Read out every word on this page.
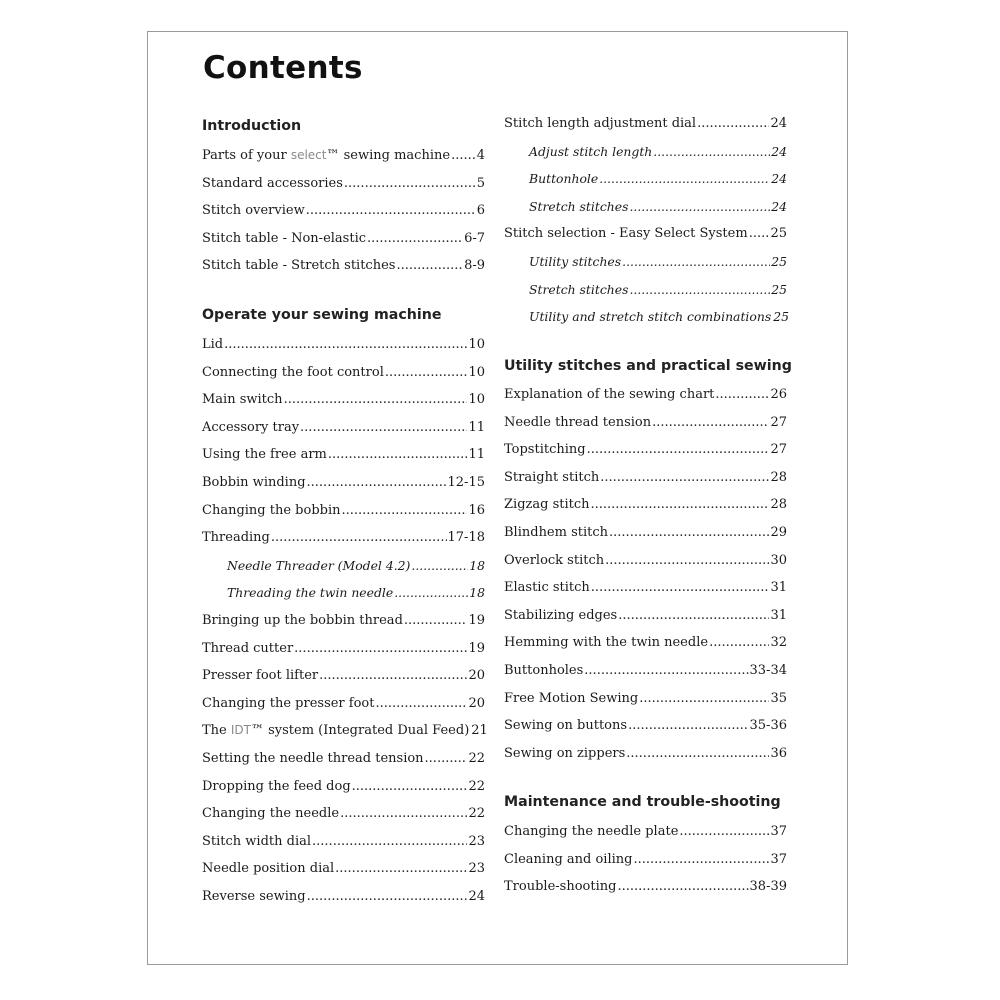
Contents
Introduction
Parts of your select™ sewing machine ..... 4
Standard accessories .....	5
Stitch overview .....	6
Stitch table - Non-elastic .....	6-7
Stitch table - Stretch stitches .....	8-9
Operate your sewing machine
Lid .....	10
Connecting the foot control .....	10
Main switch .....	10
Accessory tray .....	11
Using the free arm .....	11
Bobbin winding .....	12-15
Changing the bobbin .....	16
Threading .....	17-18
Needle Threader (Model 4.2) .....	18
Threading the twin needle .....	18
Bringing up the bobbin thread .....	19
Thread cutter .....	19
Presser foot lifter .....	20
Changing the presser foot .....	20
The IDT™ system (Integrated Dual Feed) 21
Setting the needle thread tension .....	22
Dropping the feed dog .....	22
Changing the needle .....	22
Stitch width dial .....	23
Needle position dial .....	23
Reverse sewing .....	24
Stitch length adjustment dial .....	24
Adjust stitch length .....	24
Buttonhole .....	24
Stretch stitches .....	24
Stitch selection - Easy Select System ..... 25
Utility stitches .....	25
Stretch stitches .....	25
Utility and stretch stitch combinations 25
Utility stitches and practical sewing
Explanation of the sewing chart .....	26
Needle thread tension .....	27
Topstitching .....	27
Straight stitch .....	28
Zigzag stitch .....	28
Blindhem stitch .....	29
Overlock stitch .....	30
Elastic stitch .....	31
Stabilizing edges .....	31
Hemming with the twin needle .....	32
Buttonholes .....	33-34
Free Motion Sewing .....	35
Sewing on buttons .....	35-36
Sewing on zippers .....	36
Maintenance and trouble-shooting
Changing the needle plate .....	37
Cleaning and oiling .....	37
Trouble-shooting .....	38-39
